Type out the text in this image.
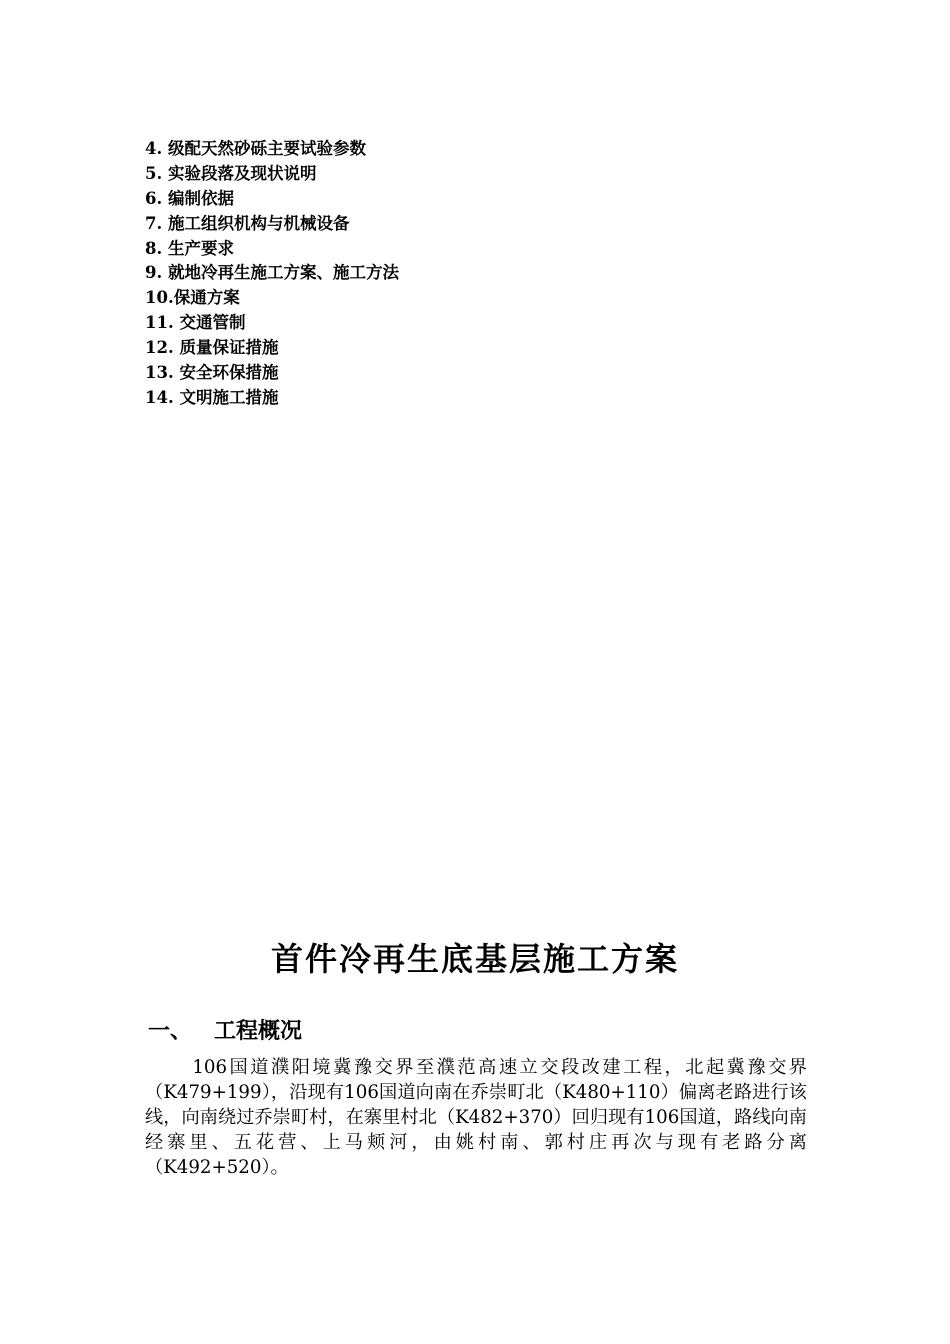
4. 级配天然砂砾主要试验参数
5. 实验段落及现状说明
6. 编制依据
7. 施工组织机构与机械设备
8. 生产要求
9. 就地冷再生施工方案、施工方法
10.保通方案
11. 交通管制
12. 质量保证措施
13. 安全环保措施
14. 文明施工措施
首件冷再生底基层施工方案
一、 工程概况

106国道濮阳境冀豫交界至濮范高速立交段改建工程，北起冀豫交界（K479+199），沿现有106国道向南在乔崇町北（K480+110）偏离老路进行该线，向南绕过乔崇町村，在寨里村北（K482+370）回归现有106国道，路线向南经寨里、五花营、上马颊河，由姚村南、郭村庄再次与现有老路分离（K492+520）。
